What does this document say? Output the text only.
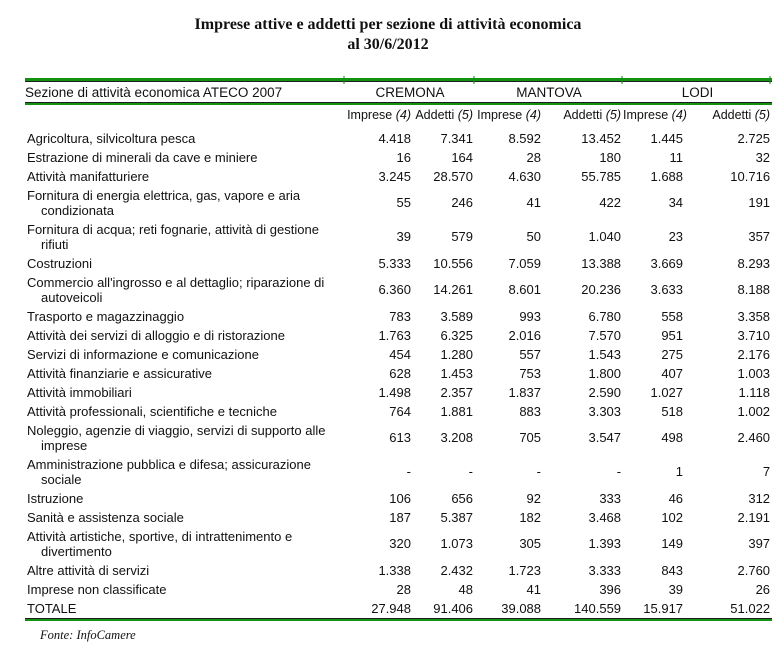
Imprese attive e addetti per sezione di attività economica
al 30/6/2012
Sezione di attività economica ATECO 2007	CREMONA		MANTOVA		LODI	

	Imprese (4)	Addetti (5)	Imprese (4)	Addetti (5)	Imprese (4)	Addetti (5)
Agricoltura, silvicoltura pesca	4.418	7.341	8.592	13.452	1.445	2.725
Estrazione di minerali da cave e miniere	16	164	28	180	11	32
Attività manifatturiere	3.245	28.570	4.630	55.785	1.688	10.716
Fornitura di energia elettrica, gas, vapore e aria condizionata	55	246	41	422	34	191
Fornitura di acqua; reti fognarie, attività di gestione rifiuti	39	579	50	1.040	23	357
Costruzioni	5.333	10.556	7.059	13.388	3.669	8.293
Commercio all'ingrosso e al dettaglio; riparazione di autoveicoli	6.360	14.261	8.601	20.236	3.633	8.188
Trasporto e magazzinaggio	783	3.589	993	6.780	558	3.358
Attività dei servizi di alloggio e di ristorazione	1.763	6.325	2.016	7.570	951	3.710
Servizi di informazione e comunicazione	454	1.280	557	1.543	275	2.176
Attività finanziarie e assicurative	628	1.453	753	1.800	407	1.003
Attività immobiliari	1.498	2.357	1.837	2.590	1.027	1.118
Attività professionali, scientifiche e tecniche	764	1.881	883	3.303	518	1.002
Noleggio, agenzie di viaggio, servizi di supporto alle imprese	613	3.208	705	3.547	498	2.460
Amministrazione pubblica e difesa; assicurazione sociale	-	-	-	-	1	7
Istruzione	106	656	92	333	46	312
Sanità e assistenza sociale	187	5.387	182	3.468	102	2.191
Attività artistiche, sportive, di intrattenimento e divertimento	320	1.073	305	1.393	149	397
Altre attività di servizi	1.338	2.432	1.723	3.333	843	2.760
Imprese non classificate	28	48	41	396	39	26
TOTALE	27.948	91.406	39.088	140.559	15.917	51.022
Fonte: InfoCamere
